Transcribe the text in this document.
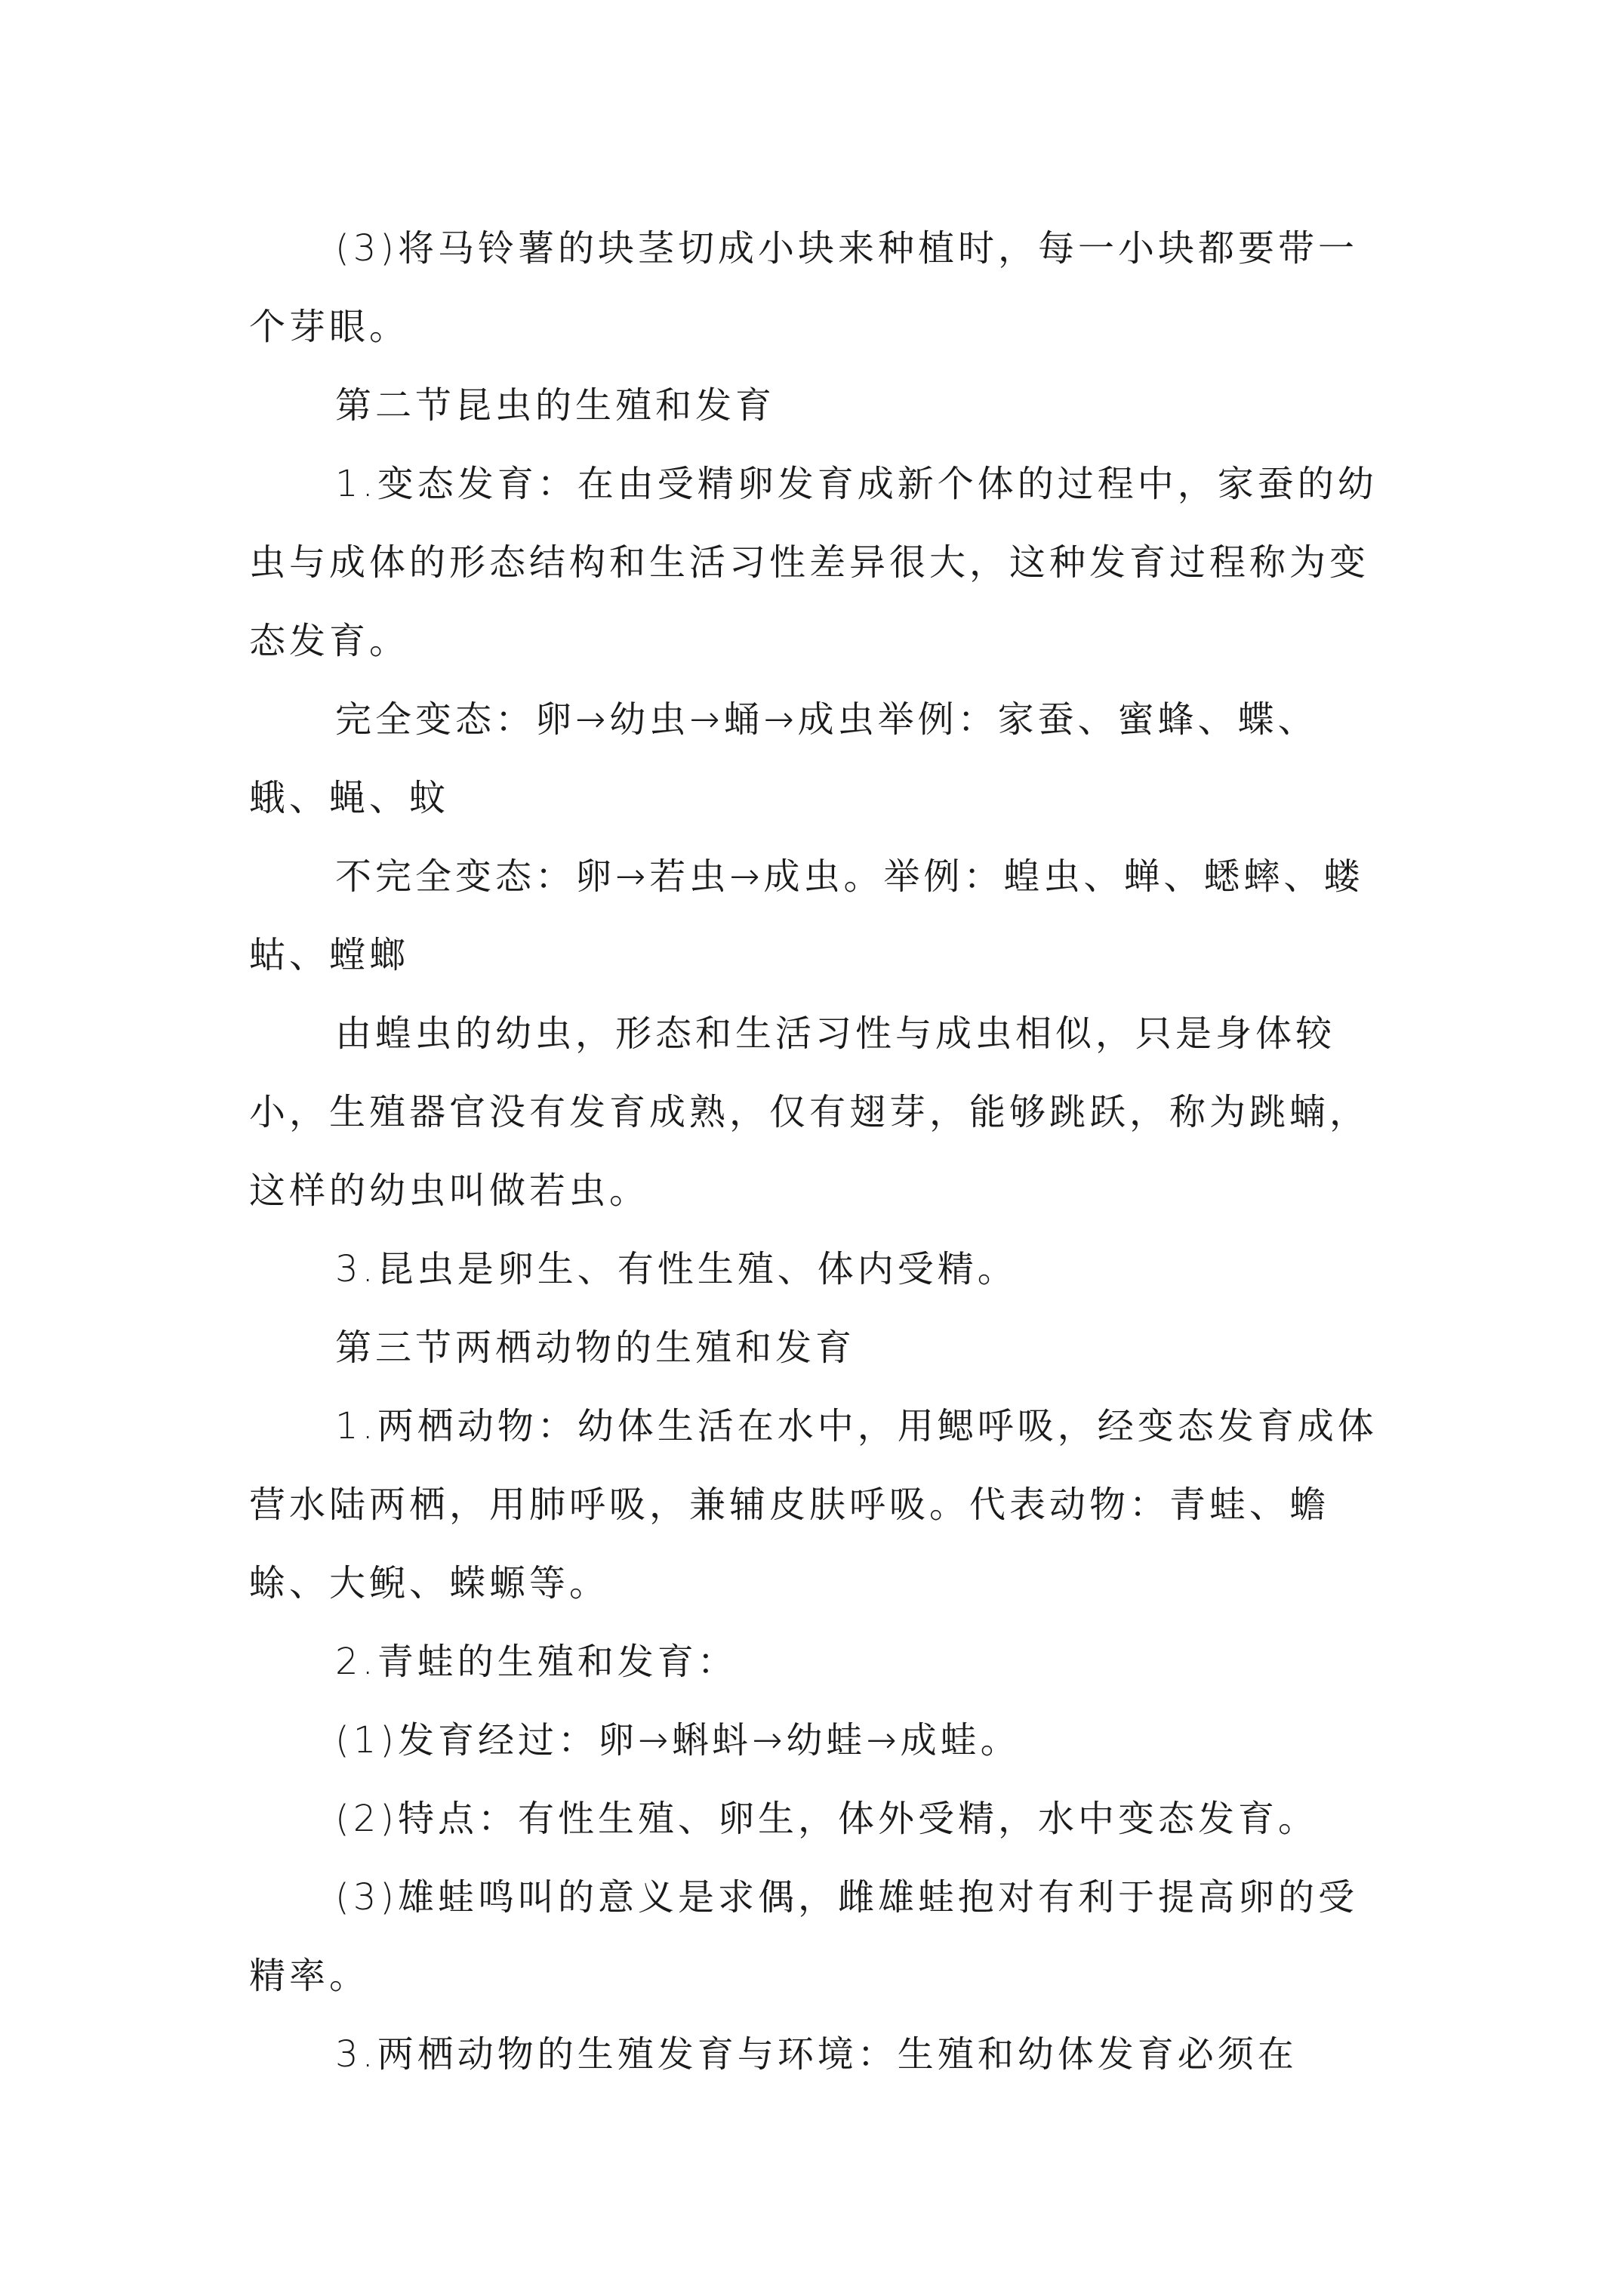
(3)将马铃薯的块茎切成小块来种植时，每一小块都要带一个芽眼。

第二节昆虫的生殖和发育

1.变态发育：在由受精卵发育成新个体的过程中，家蚕的幼虫与成体的形态结构和生活习性差异很大，这种发育过程称为变态发育。

完全变态：卵→幼虫→蛹→成虫举例：家蚕、蜜蜂、蝶、蛾、蝇、蚊

不完全变态：卵→若虫→成虫。举例：蝗虫、蝉、蟋蟀、蝼蛄、螳螂

由蝗虫的幼虫，形态和生活习性与成虫相似，只是身体较小，生殖器官没有发育成熟，仅有翅芽，能够跳跃，称为跳蝻，这样的幼虫叫做若虫。

3.昆虫是卵生、有性生殖、体内受精。

第三节两栖动物的生殖和发育

1.两栖动物：幼体生活在水中，用鳃呼吸，经变态发育成体营水陆两栖，用肺呼吸，兼辅皮肤呼吸。代表动物：青蛙、蟾蜍、大鲵、蝾螈等。

2.青蛙的生殖和发育：

(1)发育经过：卵→蝌蚪→幼蛙→成蛙。

(2)特点：有性生殖、卵生，体外受精，水中变态发育。

(3)雄蛙鸣叫的意义是求偶，雌雄蛙抱对有利于提高卵的受精率。

3.两栖动物的生殖发育与环境：生殖和幼体发育必须在
